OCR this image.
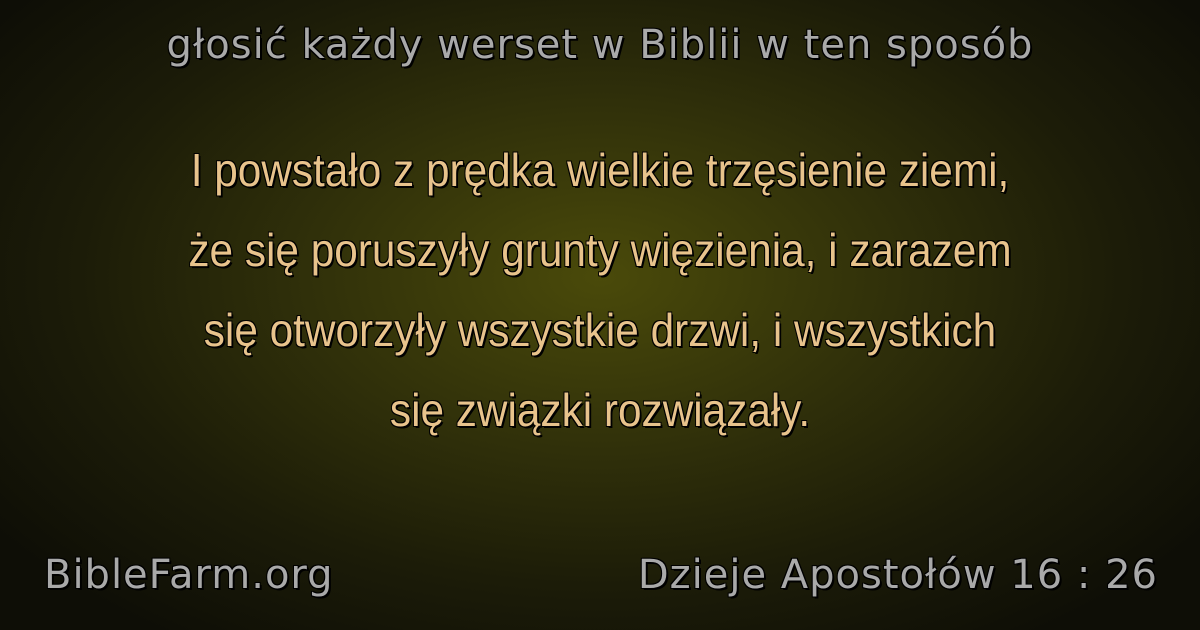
głosić każdy werset w Biblii w ten sposób
I powstało z prędka wielkie trzęsienie ziemi,
że się poruszyły grunty więzienia, i zarazem
się otworzyły wszystkie drzwi, i wszystkich
się związki rozwiązały.
BibleFarm.org	Dzieje Apostołów 16 : 26
